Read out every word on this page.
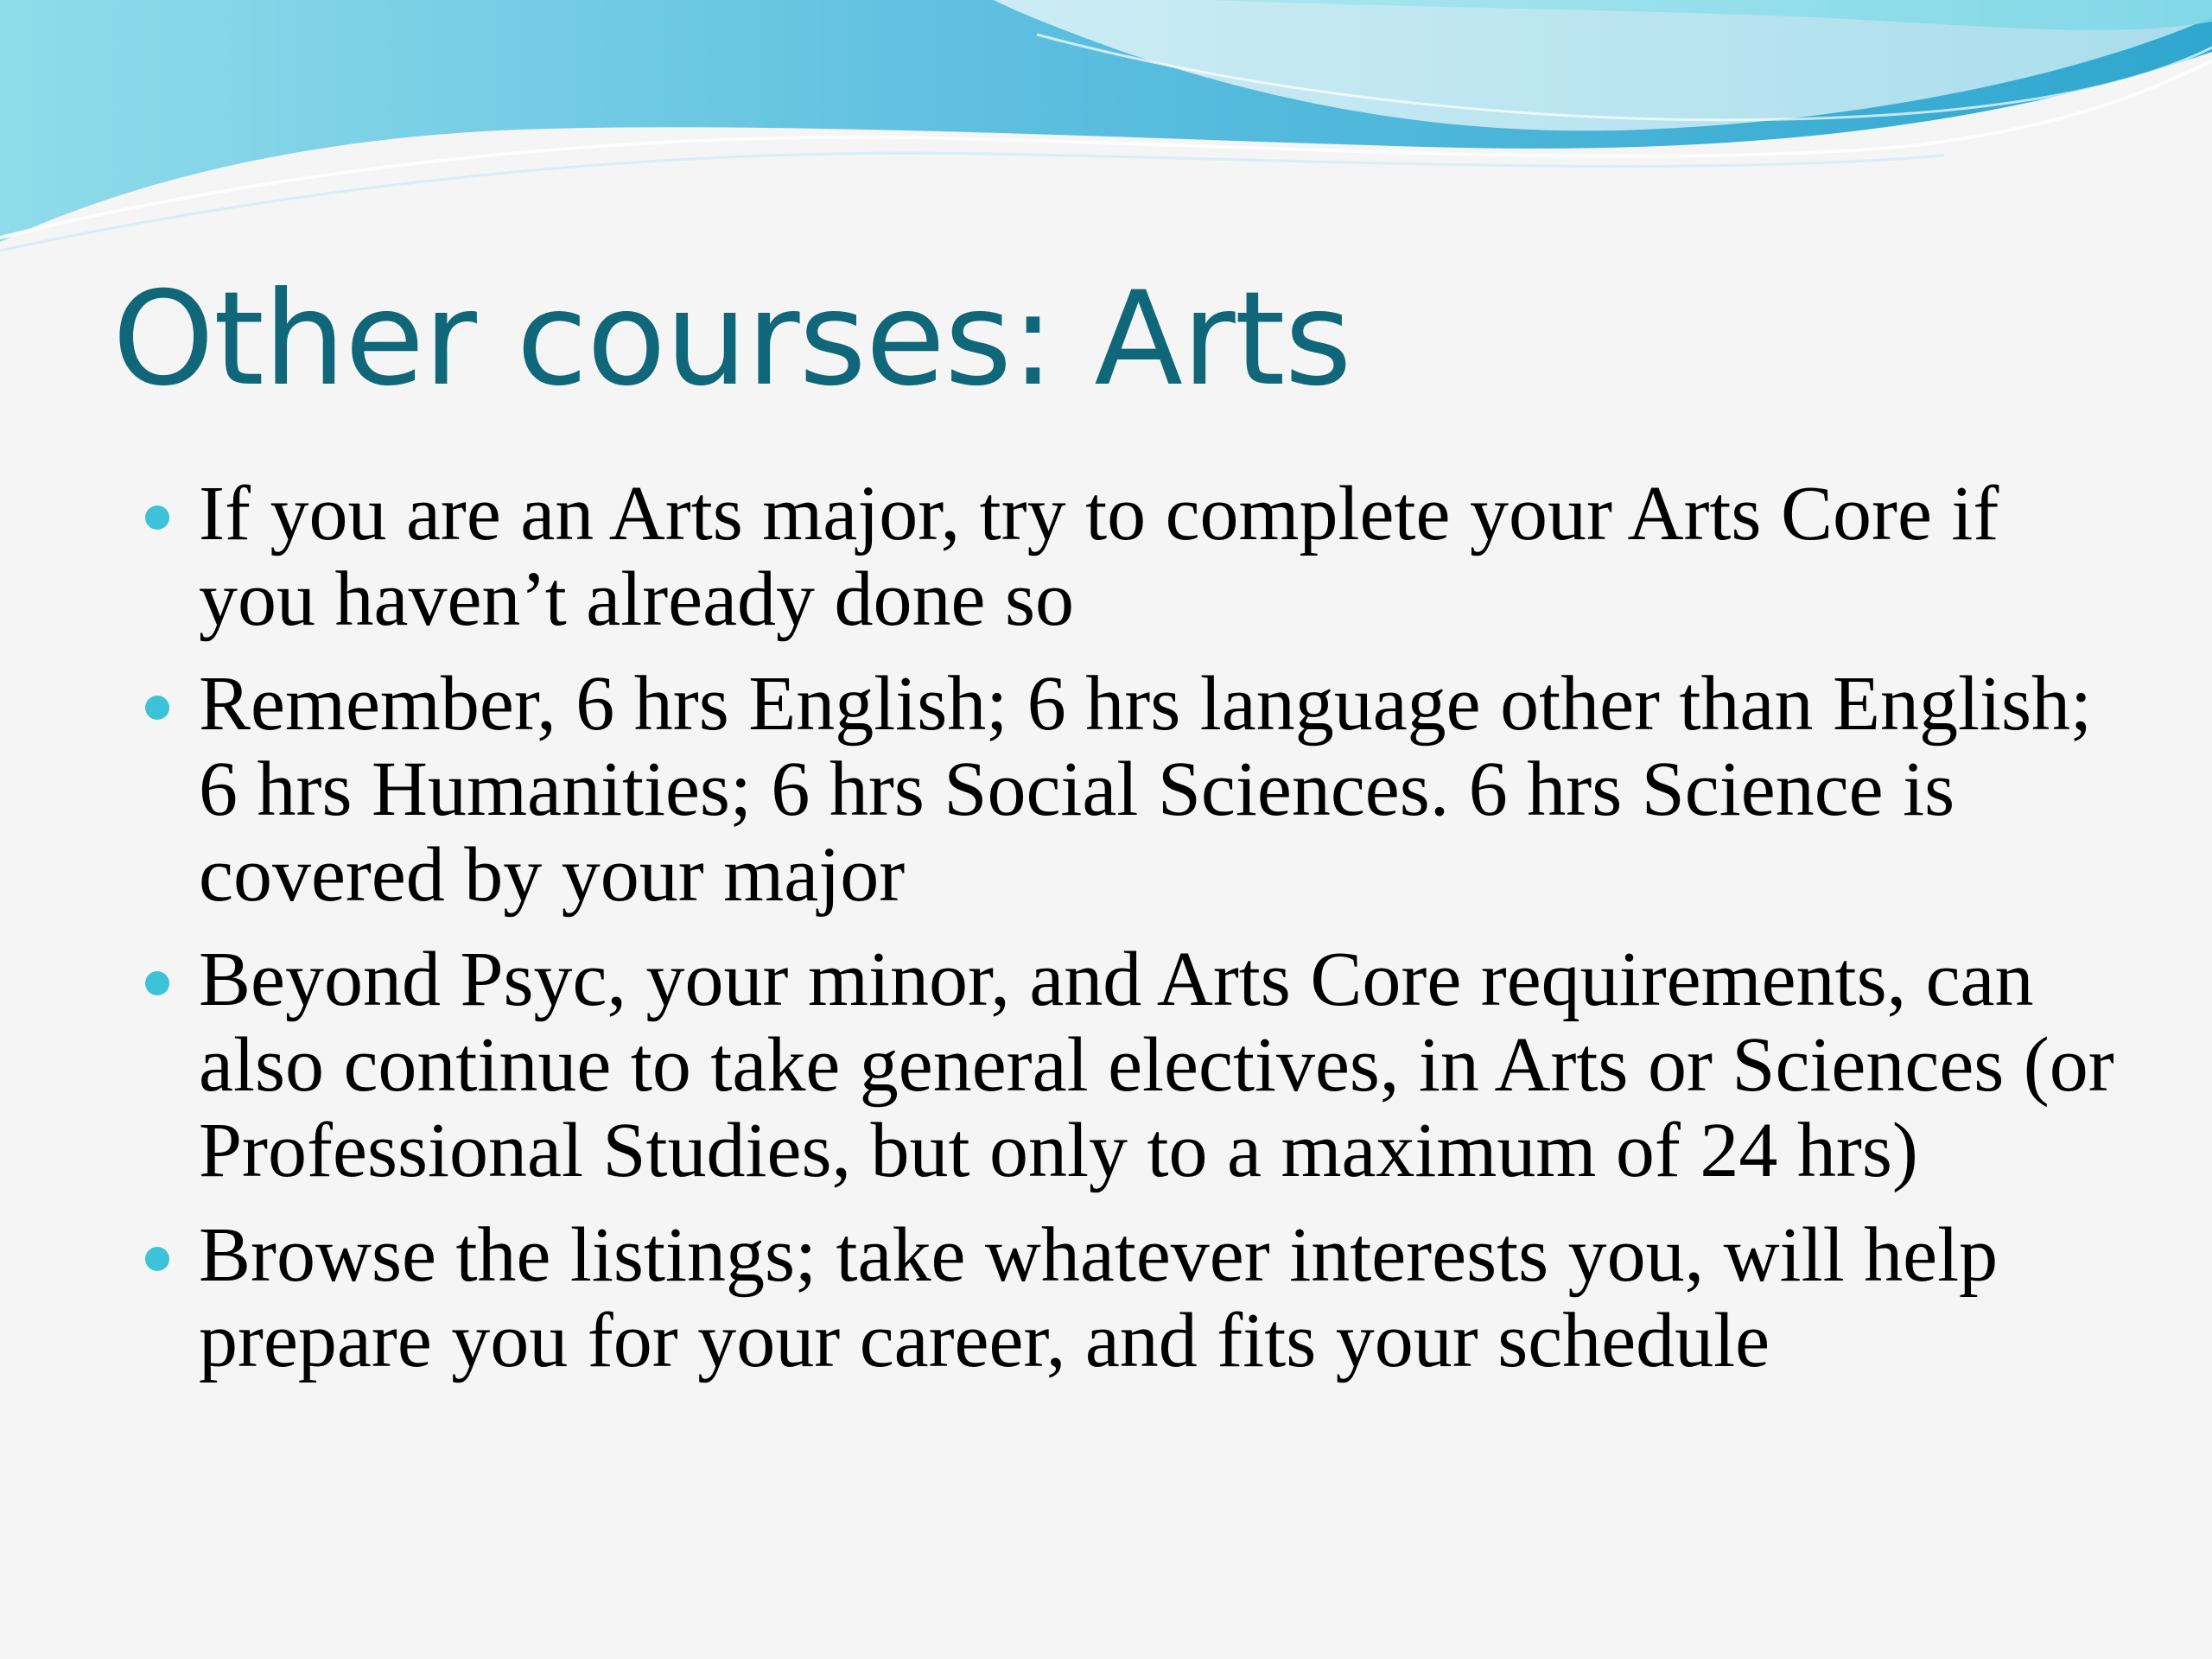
Other courses: Arts
If you are an Arts major, try to complete your Arts Core if you haven’t already done so
Remember, 6 hrs English; 6 hrs language other than English; 6 hrs Humanities; 6 hrs Social Sciences. 6 hrs Science is covered by your major
Beyond Psyc, your minor, and Arts Core requirements, can also continue to take general electives, in Arts or Sciences (or Professional Studies, but only to a maximum of 24 hrs)
Browse the listings; take whatever interests you, will help prepare you for your career, and fits your schedule
